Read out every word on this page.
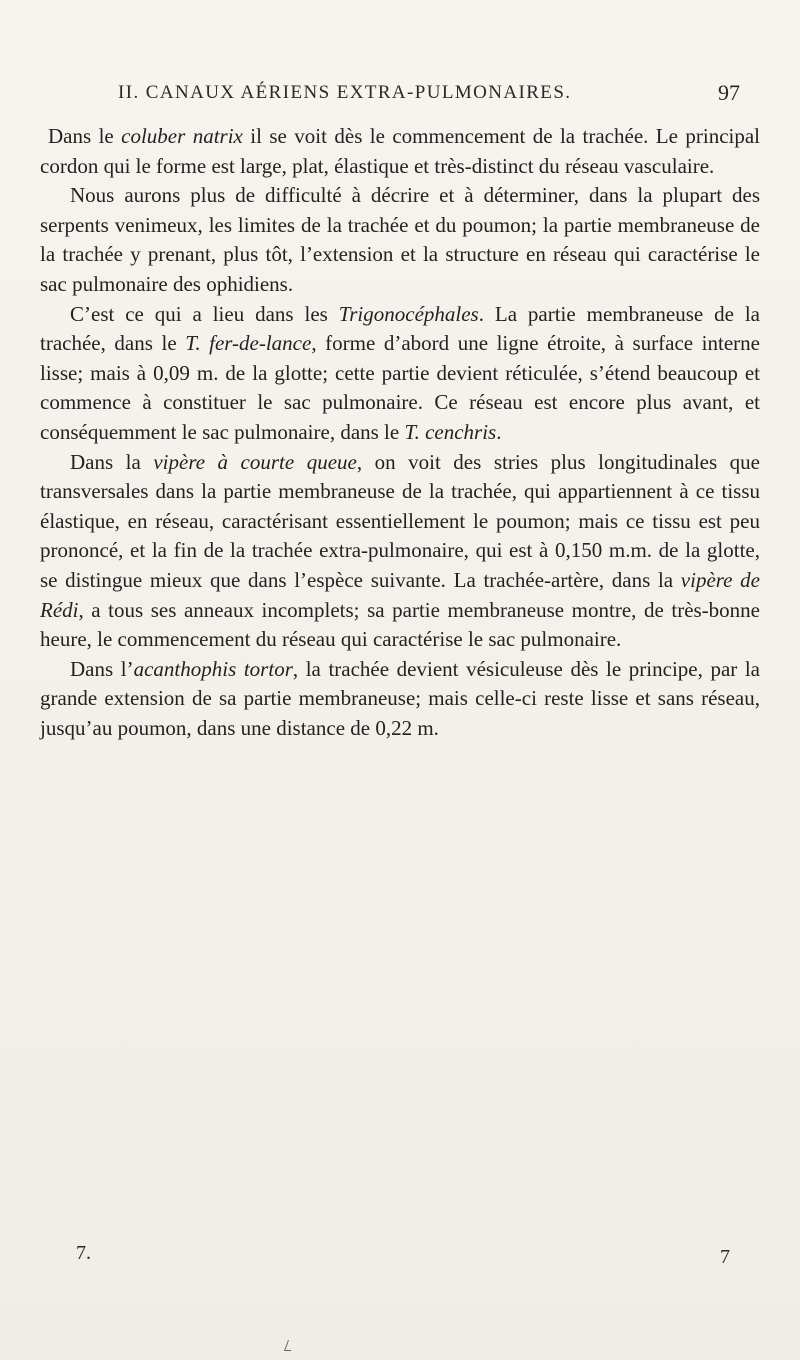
II. CANAUX AÉRIENS EXTRA-PULMONAIRES.	97

Dans le coluber natrix il se voit dès le commencement de la trachée. Le principal cordon qui le forme est large, plat, élastique et très-distinct du réseau vasculaire.

Nous aurons plus de difficulté à décrire et à déterminer, dans la plupart des serpents venimeux, les limites de la trachée et du poumon; la partie membraneuse de la trachée y prenant, plus tôt, l’extension et la structure en réseau qui caractérise le sac pulmonaire des ophidiens.

C’est ce qui a lieu dans les Trigonocéphales. La partie membraneuse de la trachée, dans le T. fer-de-lance, forme d’abord une ligne étroite, à surface interne lisse; mais à 0,09 m. de la glotte; cette partie devient réticulée, s’étend beaucoup et commence à constituer le sac pulmonaire. Ce réseau est encore plus avant, et conséquemment le sac pulmonaire, dans le T. cenchris.

Dans la vipère à courte queue, on voit des stries plus longitudinales que transversales dans la partie membraneuse de la trachée, qui appartiennent à ce tissu élastique, en réseau, caractérisant essentiellement le poumon; mais ce tissu est peu prononcé, et la fin de la trachée extra-pulmonaire, qui est à 0,150 m.m. de la glotte, se distingue mieux que dans l’espèce suivante. La trachée-artère, dans la vipère de Rédi, a tous ses anneaux incomplets; sa partie membraneuse montre, de très-bonne heure, le commencement du réseau qui caractérise le sac pulmonaire.

Dans l’acanthophis tortor, la trachée devient vésiculeuse dès le principe, par la grande extension de sa partie membraneuse; mais celle-ci reste lisse et sans réseau, jusqu’au poumon, dans une distance de 0,22 m.

7.	7
